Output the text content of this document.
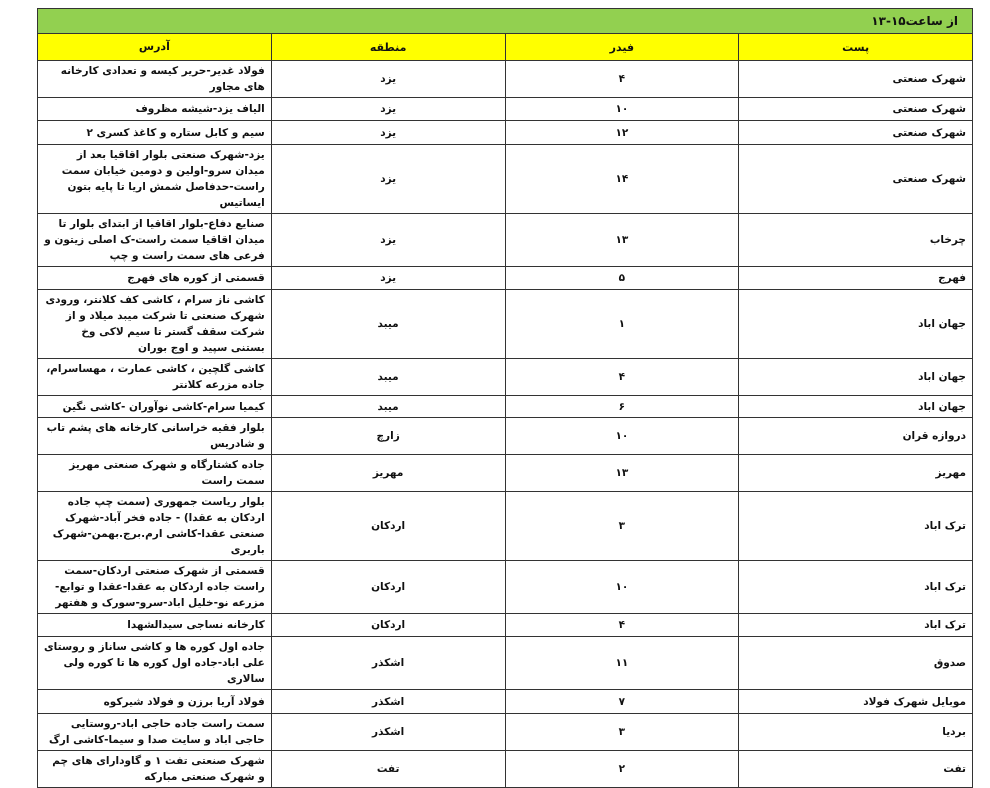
از ساعت۱۵-۱۳			
پست	فیدر	منطقه	آدرس
شهرک صنعتی	۴	یزد	فولاد غدیر-حریر کیسه و تعدادی کارخانه های مجاور
شهرک صنعتی	۱۰	یزد	الیاف یزد-شیشه مظروف
شهرک صنعتی	۱۲	یزد	سیم و کابل ستاره و کاغذ کسری ۲
شهرک صنعتی	۱۴	یزد	یزد-شهرک صنعتی بلوار اقاقیا بعد از میدان سرو-اولین و دومین خیابان سمت راست-حدفاصل شمش اریا تا پایه بتون ایساتیس
چرخاب	۱۳	یزد	صنایع دفاع-بلوار اقاقیا از ابتدای بلوار تا میدان اقاقیا سمت راست-ک اصلی زیتون و فرعی های سمت راست و چپ
فهرج	۵	یزد	قسمتی از کوره های فهرج
جهان اباد	۱	میبد	کاشی ناز سرام ، کاشی کف کلانتر، ورودی شهرک صنعتی تا شرکت میبد میلاد و از شرکت سقف گستر تا سیم لاکی وخ بستنی سپید و اوج بوران
جهان اباد	۴	میبد	کاشی گلچین ، کاشی عمارت ، مهساسرام، جاده مزرعه کلانتر
جهان اباد	۶	میبد	کیمیا سرام-کاشی نوآوران -کاشی نگین
دروازه قران	۱۰	زارچ	بلوار فقیه خراسانی کارخانه های پشم تاب و شادریس
مهریز	۱۳	مهریز	جاده کشتارگاه و شهرک صنعتی مهریز سمت راست
ترک اباد	۳	اردکان	بلوار ریاست جمهوری (سمت چپ جاده اردکان به عقدا) - جاده فخر آباد-شهرک صنعتی عقدا-کاشی ارم.برج.بهمن-شهرک باربری
ترک اباد	۱۰	اردکان	قسمتی از شهرک صنعتی اردکان-سمت راست جاده اردکان به عقدا-عقدا و توابع-مزرعه نو-خلیل اباد-سرو-سورک و هفتهر
ترک اباد	۴	اردکان	کارخانه نساجی سیدالشهدا
صدوق	۱۱	اشکذر	جاده اول کوره ها و کاشی ساناز و روستای علی اباد-جاده اول کوره ها تا کوره ولی سالاری
موبایل شهرک فولاد	۷	اشکذر	فولاد آریا برزن و فولاد شیرکوه
بردیا	۳	اشکذر	سمت راست جاده حاجی اباد-روستایی حاجی اباد و سایت صدا و سیما-کاشی ارگ
تفت	۲	تفت	شهرک صنعتی تفت ۱ و گاودارای های چم و شهرک صنعتی مبارکه
